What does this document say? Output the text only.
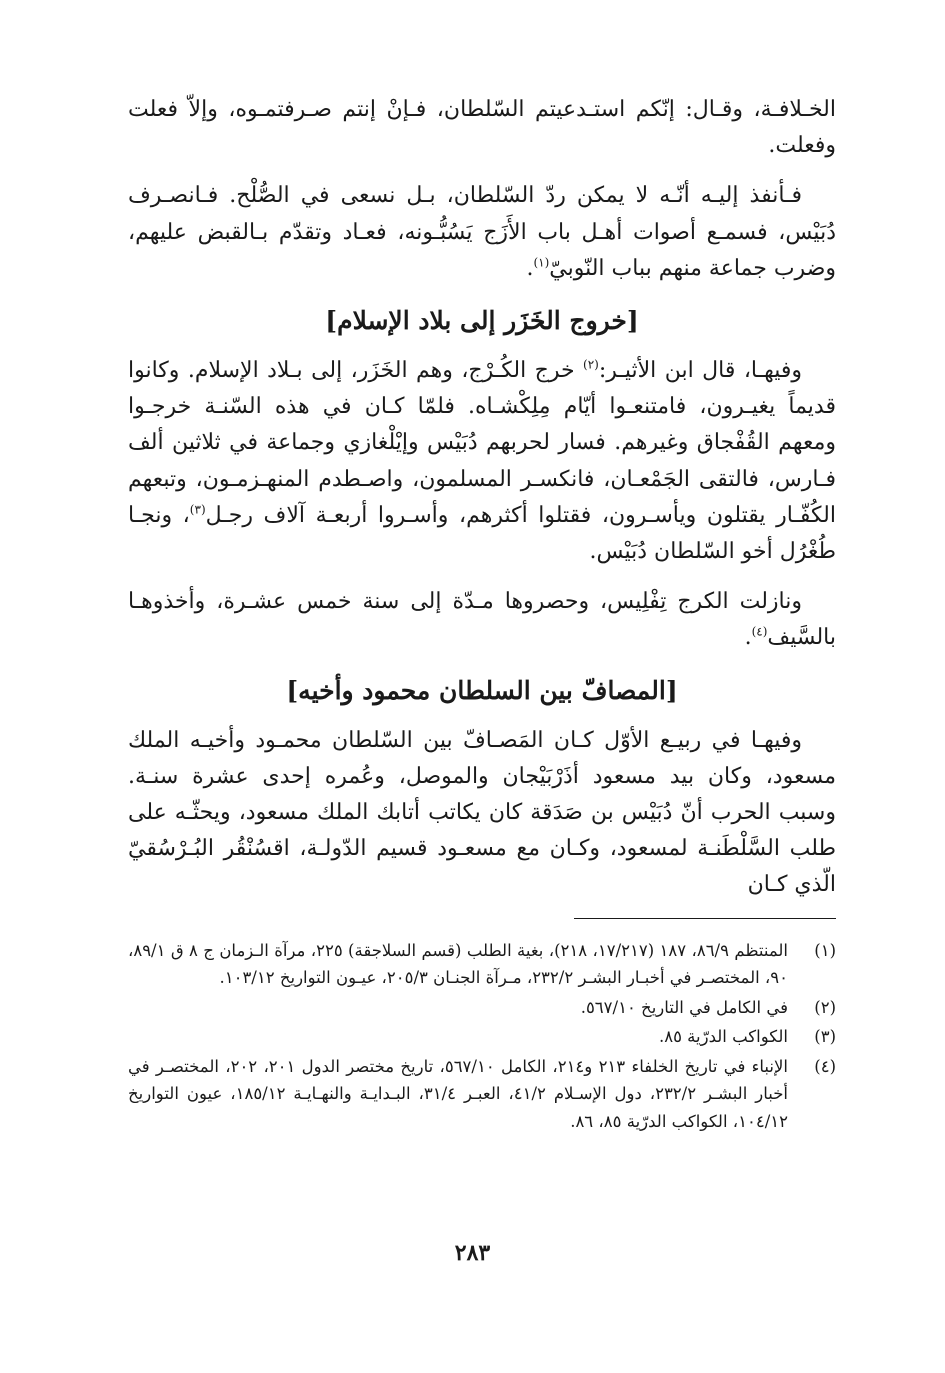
الخـلافـة، وقـال: إنّكم استـدعيتم السّلطان، فـإنْ إنتم صـرفتمـوه، وإلاّ فعلت وفعلت.

فـأنفذ إليـه أنّـه لا يمكن ردّ السّلطان، بـل نسعى في الصُّلْح. فـانصـرف دُبَيْس، فسمـع أصوات أهـل باب الأَزَج يَسُبُّـونه، فعـاد وتقدّم بـالقبض عليهم، وضرب جماعة منهم بباب النّوبيّ$^{(١)}$.

[خروج الخَزَر إلى بلاد الإسلام]

وفيهـا، قال ابن الأثيـر:$^{(٢)}$ خرج الكُـرْج، وهم الخَزَر، إلى بـلاد الإسلام. وكانوا قديماً يغيـرون، فامتنعـوا أيّام مِلِكْشـاه. فلمّا كـان في هذه السّنـة خرجـوا ومعهم القُفْجاق وغيرهم. فسار لحربهم دُبَيْس وإيْلْغازي وجماعة في ثلاثين ألف فـارس، فالتقى الجَمْعـان، فانكسـر المسلمون، واصـطدم المنهـزمـون، وتبعهم الكُفّـار يقتلون ويأسـرون، فقتلوا أكثرهم، وأسـروا أربعـة آلاف رجـل$^{(٣)}$، ونجـا طُغْرُل أخو السّلطان دُبَيْس.

ونازلت الكرج تِفْلِيس، وحصروها مـدّة إلى سنة خمس عشـرة، وأخذوهـا بالسَّيف$^{(٤)}$.

[المصافّ بين السلطان محمود وأخيه]

وفيهـا في ربيـع الأوّل كـان المَصـافّ بين السّلطان محمـود وأخيـه الملك مسعود، وكان بيد مسعود أذَرْبَيْجان والموصل، وعُمره إحدى عشرة سنـة. وسبب الحرب أنّ دُبَيْس بن صَدَقة كان يكاتب أتابك الملك مسعود، ويحثّـه على طلب السَّلْطَنـة لمسعود، وكـان مع مسعـود قسيم الدّولـة، اقسُنْقُر البُـرْسُقيّ الّذي كـان

(١)
المنتظم ٨٦/٩، ١٨٧ (١٧/٢١٧، ٢١٨)، بغية الطلب (قسم السلاجقة) ٢٢٥، مرآة الـزمان ج ٨ ق ٨٩/١، ٩٠، المختصـر في أخبـار البشـر ٢٣٢/٢، مـرآة الجنـان ٢٠٥/٣، عيـون التواريخ ١٠٣/١٢.
(٢)
في الكامل في التاريخ ٥٦٧/١٠.
(٣)
الكواكب الدرّية ٨٥.
(٤)
الإنباء في تاريخ الخلفاء ٢١٣ و٢١٤، الكامل ٥٦٧/١٠، تاريخ مختصر الدول ٢٠١، ٢٠٢، المختصـر في أخبار البشـر ٢٣٢/٢، دول الإسـلام ٤١/٢، العبـر ٣١/٤، البـدايـة والنهـايـة ١٨٥/١٢، عيون التواريخ ١٠٤/١٢، الكواكب الدرّية ٨٥، ٨٦.
٢٨٣
